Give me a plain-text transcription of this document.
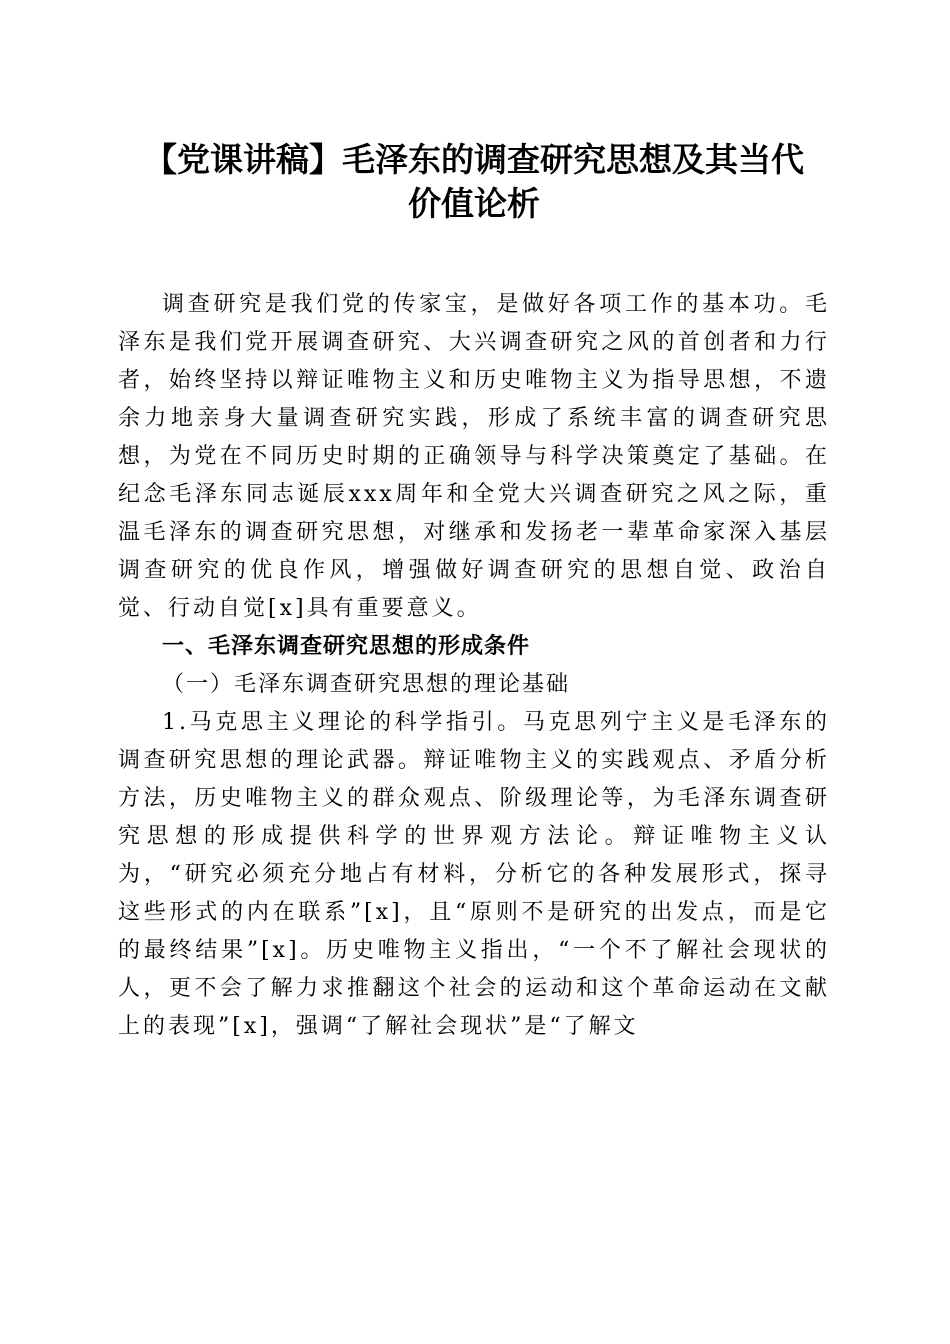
【党课讲稿】毛泽东的调查研究思想及其当代
价值论析

调查研究是我们党的传家宝，是做好各项工作的基本功。毛泽东是我们党开展调查研究、大兴调查研究之风的首创者和力行者，始终坚持以辩证唯物主义和历史唯物主义为指导思想，不遗余力地亲身大量调查研究实践，形成了系统丰富的调查研究思想，为党在不同历史时期的正确领导与科学决策奠定了基础。在纪念毛泽东同志诞辰xxx周年和全党大兴调查研究之风之际，重温毛泽东的调查研究思想，对继承和发扬老一辈革命家深入基层调查研究的优良作风，增强做好调查研究的思想自觉、政治自觉、行动自觉[x]具有重要意义。

一、毛泽东调查研究思想的形成条件

（一）毛泽东调查研究思想的理论基础

1.马克思主义理论的科学指引。马克思列宁主义是毛泽东的调查研究思想的理论武器。辩证唯物主义的实践观点、矛盾分析方法，历史唯物主义的群众观点、阶级理论等，为毛泽东调查研究思想的形成提供科学的世界观方法论。辩证唯物主义认为，“研究必须充分地占有材料，分析它的各种发展形式，探寻这些形式的内在联系”[x]，且“原则不是研究的出发点，而是它的最终结果”[x]。历史唯物主义指出，“一个不了解社会现状的人，更不会了解力求推翻这个社会的运动和这个革命运动在文献上的表现”[x]，强调“了解社会现状”是“了解文
